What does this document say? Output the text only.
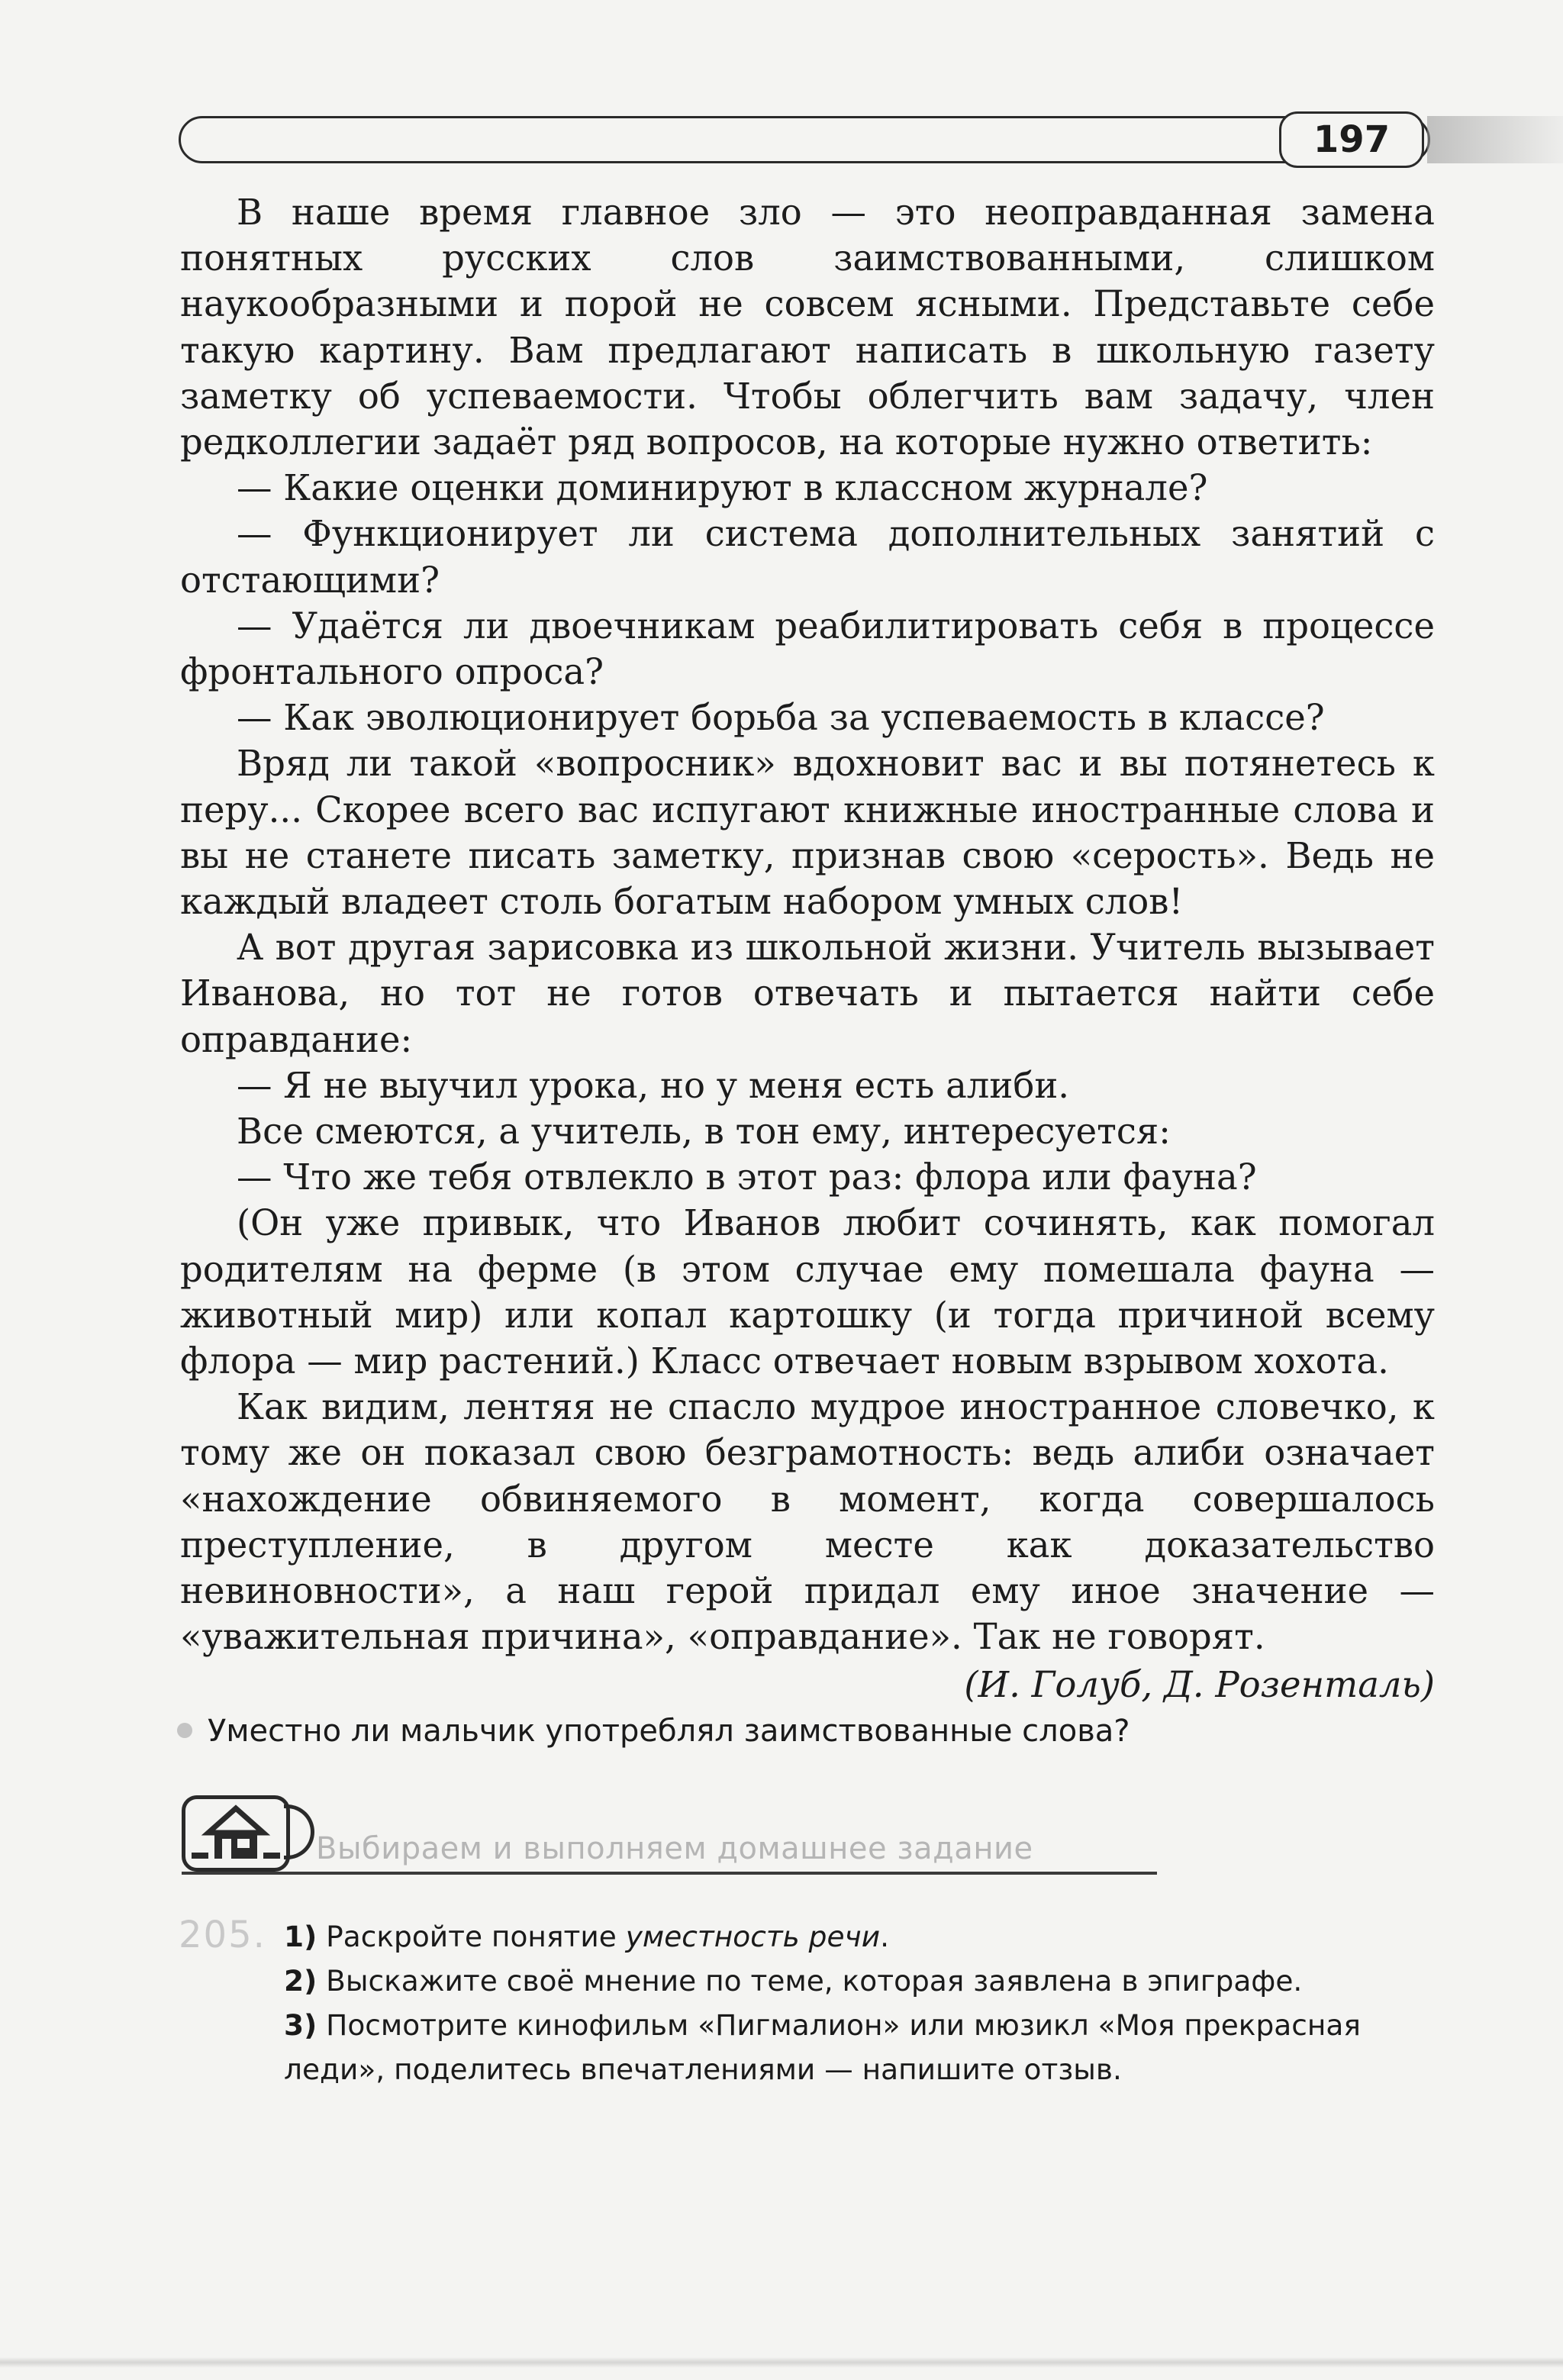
197

В наше время главное зло — это неоправданная замена понятных русских слов заимствованными, слишком наукообразными и порой не совсем ясными. Представьте себе такую картину. Вам предлагают написать в школьную газету заметку об успеваемости. Чтобы облегчить вам задачу, член редколлегии задаёт ряд вопросов, на которые нужно ответить:

— Какие оценки доминируют в классном журнале?

— Функционирует ли система дополнительных занятий с отстающими?

— Удаётся ли двоечникам реабилитировать себя в процессе фронтального опроса?

— Как эволюционирует борьба за успеваемость в классе?

Вряд ли такой «вопросник» вдохновит вас и вы потянетесь к перу... Скорее всего вас испугают книжные иностранные слова и вы не станете писать заметку, признав свою «серость». Ведь не каждый владеет столь богатым набором умных слов!

А вот другая зарисовка из школьной жизни. Учитель вызывает Иванова, но тот не готов отвечать и пытается найти себе оправдание:

— Я не выучил урока, но у меня есть алиби.

Все смеются, а учитель, в тон ему, интересуется:

— Что же тебя отвлекло в этот раз: флора или фауна?

(Он уже привык, что Иванов любит сочинять, как помогал родителям на ферме (в этом случае ему помешала фауна — животный мир) или копал картошку (и тогда причиной всему флора — мир растений.) Класс отвечает новым взрывом хохота.

Как видим, лентяя не спасло мудрое иностранное словечко, к тому же он показал свою безграмотность: ведь алиби означает «нахождение обвиняемого в момент, когда совершалось преступление, в другом месте как доказательство невиновности», а наш герой придал ему иное значение — «уважительная причина», «оправдание». Так не говорят.

(И. Голуб, Д. Розенталь)

Уместно ли мальчик употреблял заимствованные слова?
Выбираем и выполняем домашнее задание
205. 1) Раскройте понятие уместность речи.

2) Выскажите своё мнение по теме, которая заявлена в эпиграфе.

3) Посмотрите кинофильм «Пигмалион» или мюзикл «Моя прекрасная леди», поделитесь впечатлениями — напишите отзыв.
